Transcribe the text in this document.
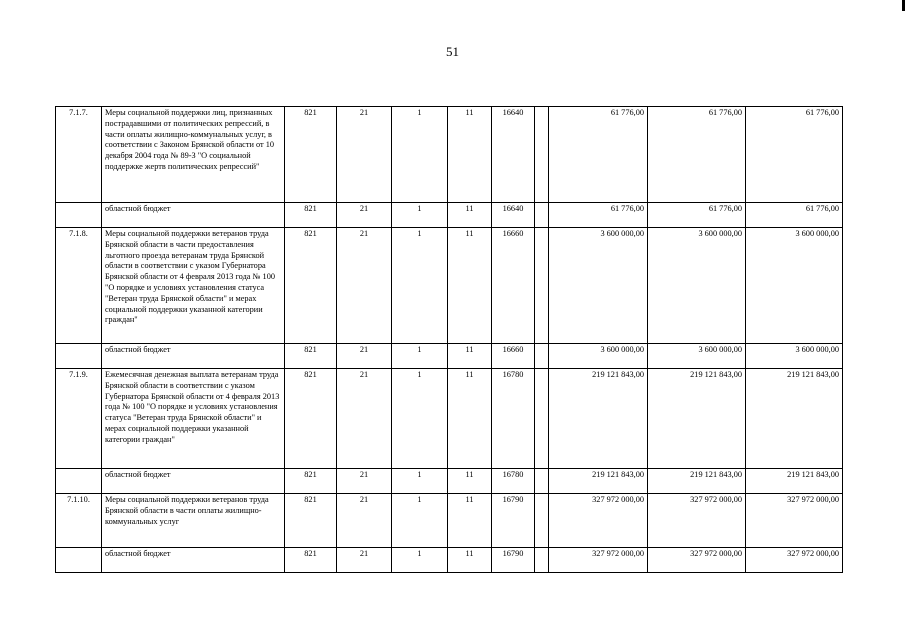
51
7.1.7.	Меры социальной поддержки лиц, признанных пострадавшими от политических репрессий, в части оплаты жилищно-коммунальных услуг, в соответствии с Законом Брянской области от 10 декабря 2004 года № 89-З "О социальной поддержке жертв политических репрессий"	821	21	1	11	16640		61 776,00	61 776,00	61 776,00
	областной бюджет	821	21	1	11	16640		61 776,00	61 776,00	61 776,00
7.1.8.	Меры социальной поддержки ветеранов труда Брянской области в части предоставления льготного проезда ветеранам труда Брянской области в соответствии с указом Губернатора Брянской области от 4 февраля 2013 года № 100 "О порядке и условиях установления статуса "Ветеран труда Брянской области" и мерах социальной поддержки указанной категории граждан"	821	21	1	11	16660		3 600 000,00	3 600 000,00	3 600 000,00
	областной бюджет	821	21	1	11	16660		3 600 000,00	3 600 000,00	3 600 000,00
7.1.9.	Ежемесячная денежная выплата ветеранам труда Брянской области в соответствии с указом Губернатора Брянской области от 4 февраля 2013 года № 100 "О порядке и условиях установления статуса "Ветеран труда Брянской области" и мерах социальной поддержки указанной категории граждан"	821	21	1	11	16780		219 121 843,00	219 121 843,00	219 121 843,00
	областной бюджет	821	21	1	11	16780		219 121 843,00	219 121 843,00	219 121 843,00
7.1.10.	Меры социальной поддержки ветеранов труда Брянской области в части оплаты жилищно-коммунальных услуг	821	21	1	11	16790		327 972 000,00	327 972 000,00	327 972 000,00
	областной бюджет	821	21	1	11	16790		327 972 000,00	327 972 000,00	327 972 000,00
